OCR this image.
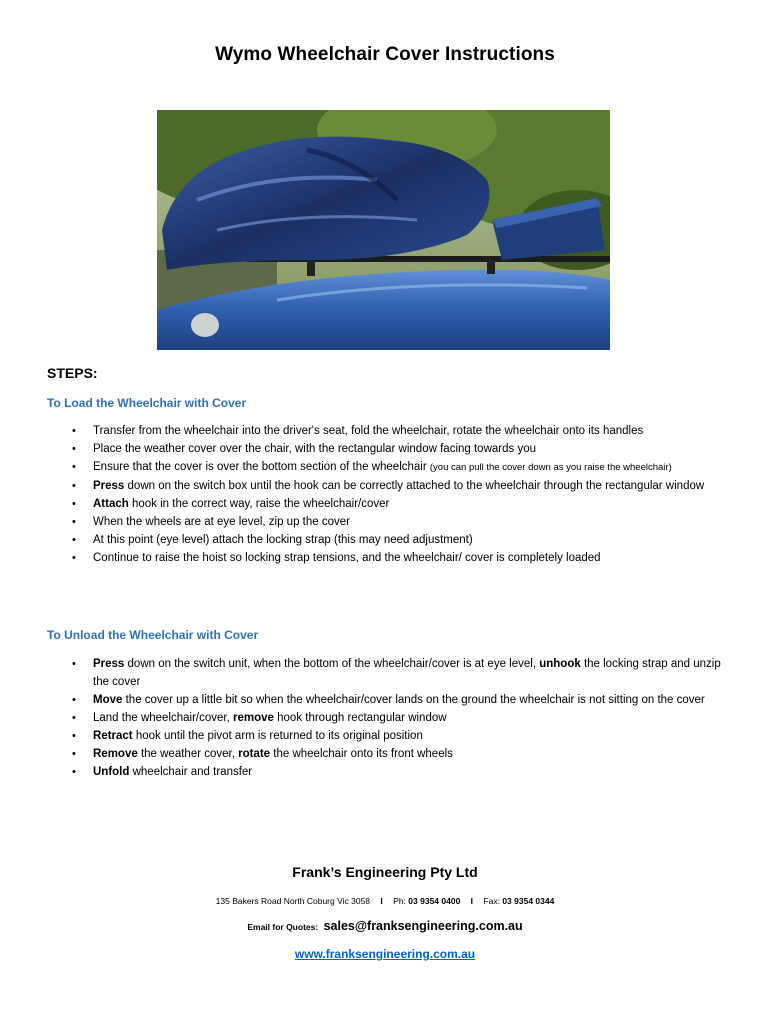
Wymo Wheelchair Cover Instructions
STEPS:
To Load the Wheelchair with Cover
• Transfer from the wheelchair into the driver's seat, fold the wheelchair, rotate the wheelchair onto its handles
• Place the weather cover over the chair, with the rectangular window facing towards you
• Ensure that the cover is over the bottom section of the wheelchair (you can pull the cover down as you raise the wheelchair)
• Press down on the switch box until the hook can be correctly attached to the wheelchair through the rectangular window
• Attach hook in the correct way, raise the wheelchair/cover
• When the wheels are at eye level, zip up the cover
• At this point (eye level) attach the locking strap (this may need adjustment)
• Continue to raise the hoist so locking strap tensions, and the wheelchair/ cover is completely loaded
To Unload the Wheelchair with Cover
• Press down on the switch unit, when the bottom of the wheelchair/cover is at eye level, unhook the locking strap and unzip the cover
• Move the cover up a little bit so when the wheelchair/cover lands on the ground the wheelchair is not sitting on the cover
• Land the wheelchair/cover, remove hook through rectangular window
• Retract hook until the pivot arm is returned to its original position
• Remove the weather cover, rotate the wheelchair onto its front wheels
• Unfold wheelchair and transfer
Frank’s Engineering Pty Ltd
135 Bakers Road North Coburg Vic 3058 I Ph: 03 9354 0400 I Fax: 03 9354 0344
Email for Quotes: sales@franksengineering.com.au
www.franksengineering.com.au
